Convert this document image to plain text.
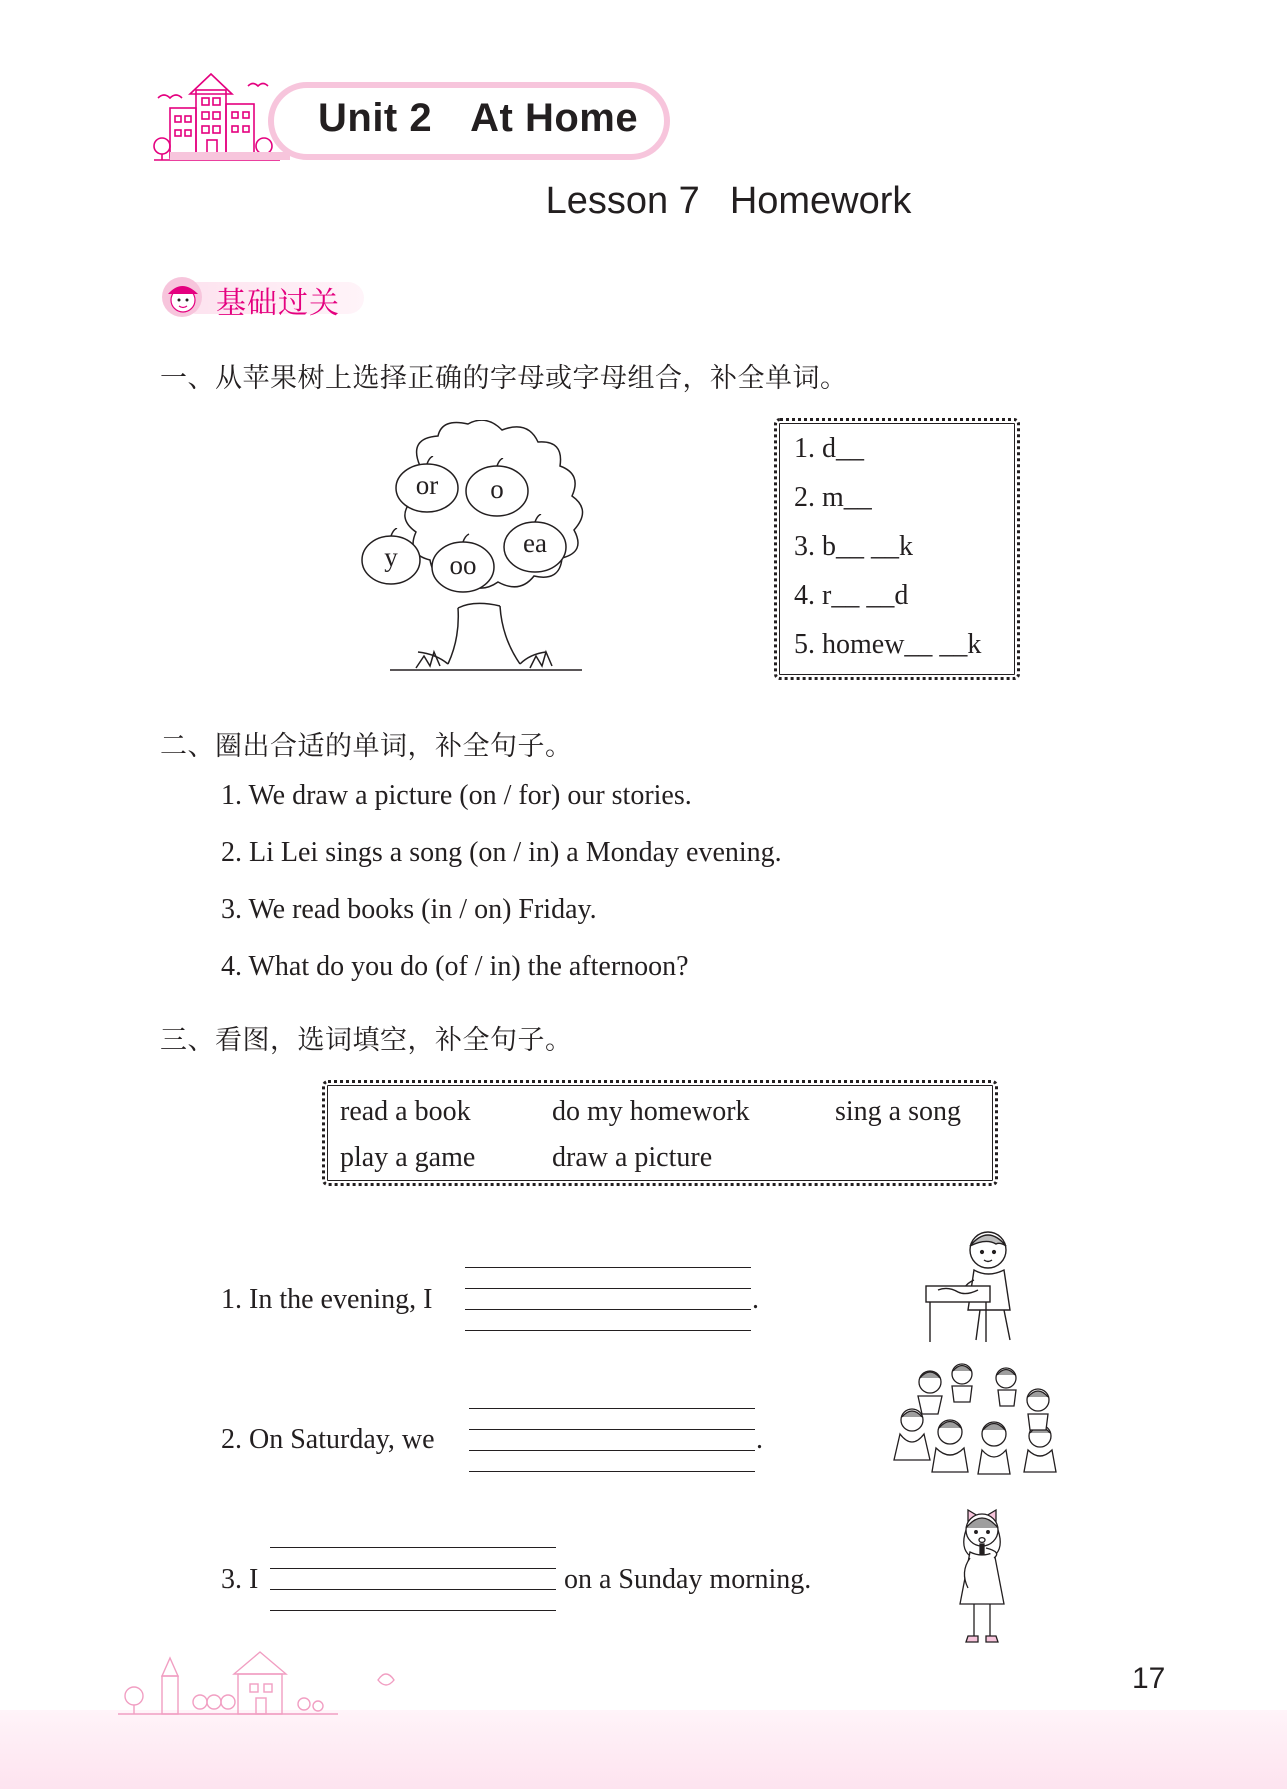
Unit 2 At Home
Lesson 7 Homework
基础过关
一、从苹果树上选择正确的字母或字母组合，补全单词。
or	o
y	oo
ea
1. d__
2. m__
3. b__ __k
4. r__ __d
5. homew__ __k
二、圈出合适的单词，补全句子。
1. We draw a picture (on / for) our stories.
2. Li Lei sings a song (on / in) a Monday evening.
3. We read books (in / on) Friday.
4. What do you do (of / in) the afternoon?
三、看图，选词填空，补全句子。
read a book	do my homework	sing a song
play a game	draw a picture
1. In the evening, I	.
2. On Saturday, we	.
3. I	on a Sunday morning.
17
